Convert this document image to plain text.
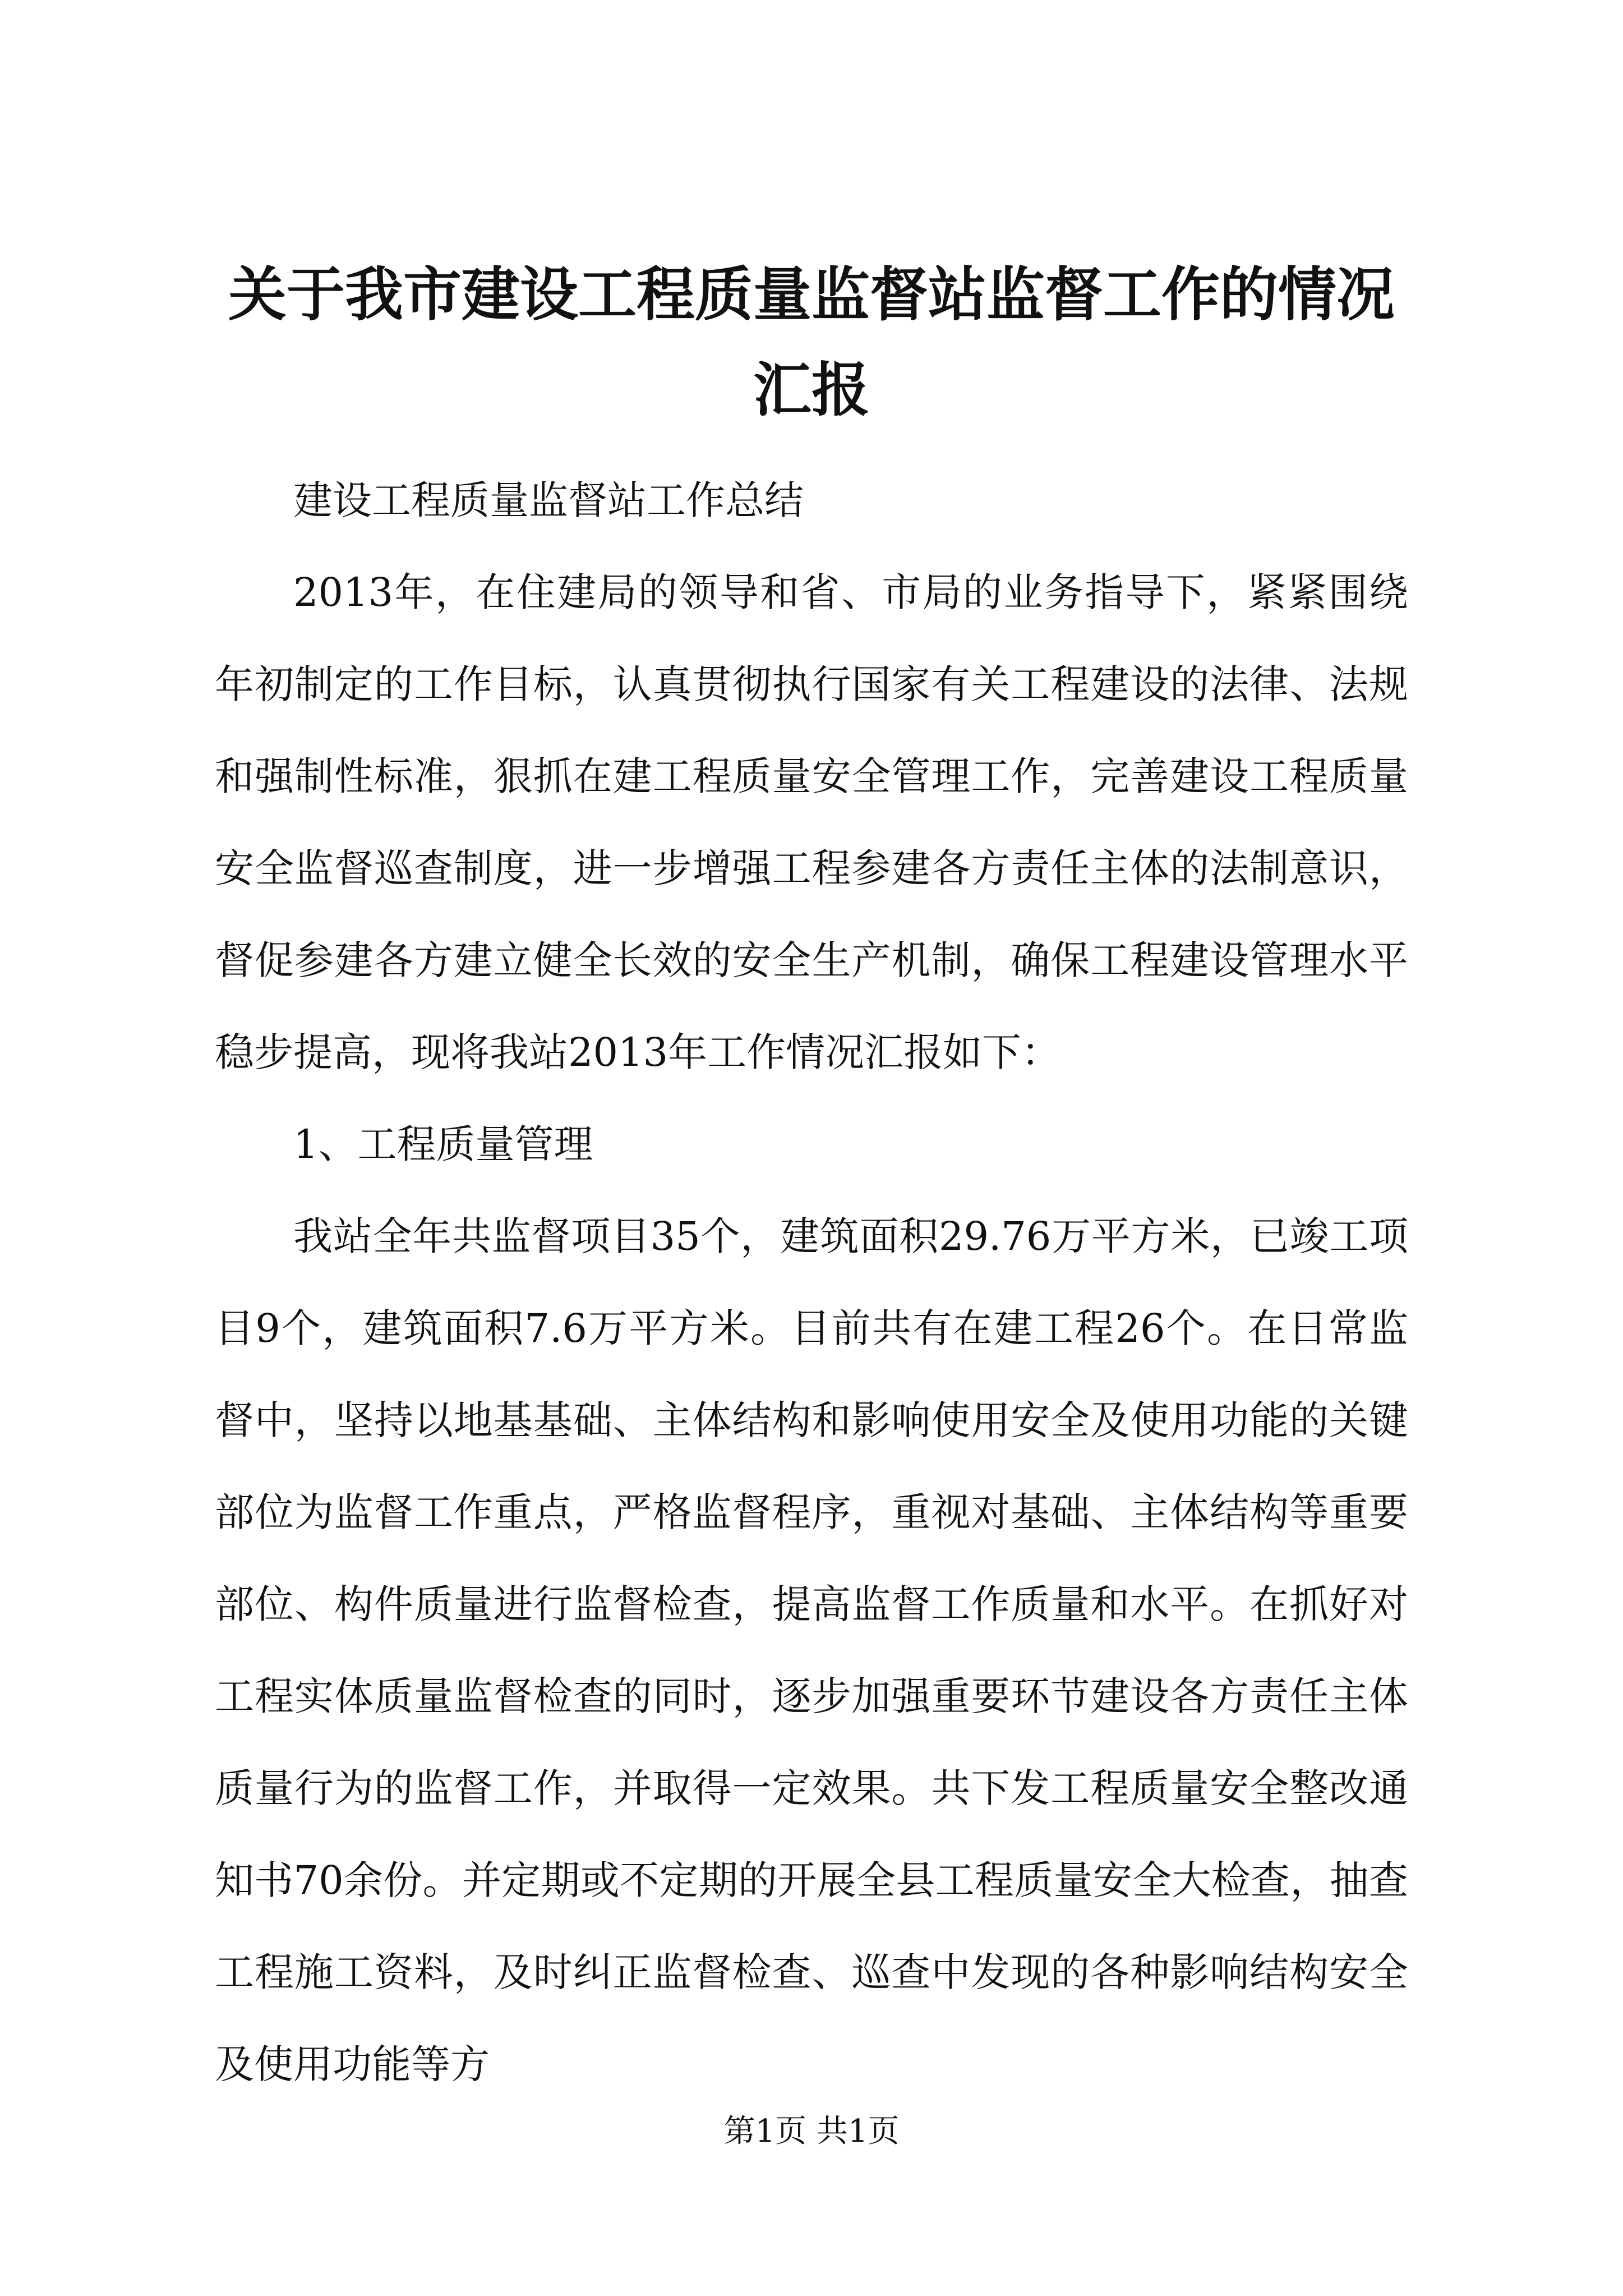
关于我市建设工程质量监督站监督工作的情况汇报

建设工程质量监督站工作总结

2013年，在住建局的领导和省、市局的业务指导下，紧紧围绕年初制定的工作目标，认真贯彻执行国家有关工程建设的法律、法规和强制性标准，狠抓在建工程质量安全管理工作，完善建设工程质量安全监督巡查制度，进一步增强工程参建各方责任主体的法制意识，督促参建各方建立健全长效的安全生产机制，确保工程建设管理水平稳步提高，现将我站2013年工作情况汇报如下：

1、工程质量管理

我站全年共监督项目35个，建筑面积29.76万平方米，已竣工项目9个，建筑面积7.6万平方米。目前共有在建工程26个。在日常监督中，坚持以地基基础、主体结构和影响使用安全及使用功能的关键部位为监督工作重点，严格监督程序，重视对基础、主体结构等重要部位、构件质量进行监督检查，提高监督工作质量和水平。在抓好对工程实体质量监督检查的同时，逐步加强重要环节建设各方责任主体质量行为的监督工作，并取得一定效果。共下发工程质量安全整改通知书70余份。并定期或不定期的开展全县工程质量安全大检查，抽查工程施工资料，及时纠正监督检查、巡查中发现的各种影响结构安全及使用功能等方

第1页 共1页
